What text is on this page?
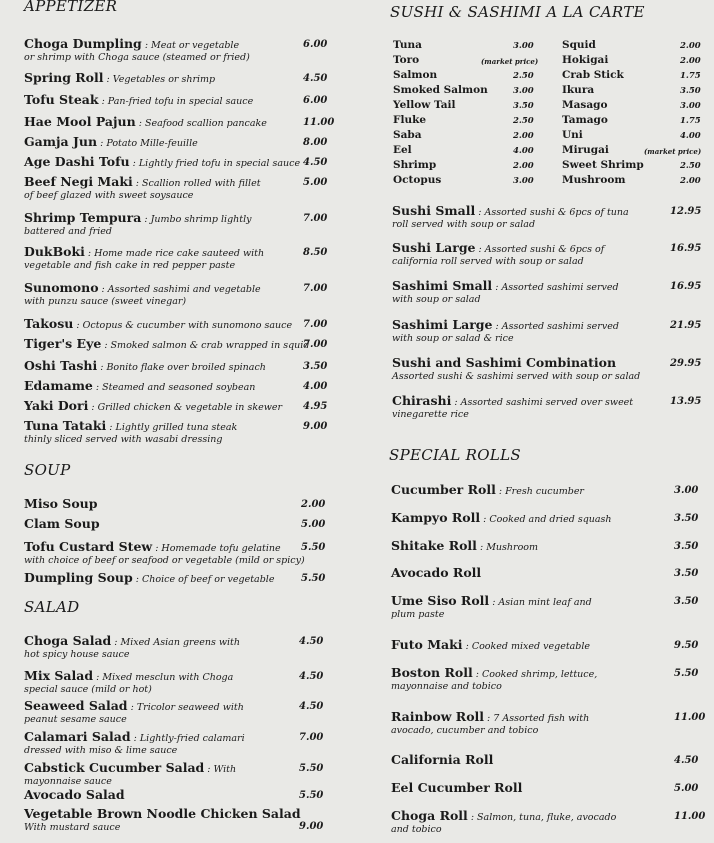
APPETIZER
Choga Dumpling : Meat or vegetable
or shrimp with Choga sauce (steamed or fried)
6.00
Spring Roll : Vegetables or shrimp	4.50
Tofu Steak : Pan-fried tofu in special sauce	6.00
Hae Mool Pajun : Seafood scallion pancake	11.00
Gamja Jun : Potato Mille-feuille	8.00
Age Dashi Tofu : Lightly fried tofu in special sauce 4.50
Beef Negi Maki : Scallion rolled with fillet
of beef glazed with sweet soysauce
5.00
Shrimp Tempura : Jumbo shrimp lightly
battered and fried
7.00
DukBoki : Home made rice cake sauteed with
vegetable and fish cake in red pepper paste
8.50
Sunomono : Assorted sashimi and vegetable
with punzu sauce (sweet vinegar)
7.00
Takosu : Octopus & cucumber with sunomono sauce 7.00
Tiger's Eye : Smoked salmon & crab wrapped in squid
7.00
Oshi Tashi : Bonito flake over broiled spinach	3.50
Edamame : Steamed and seasoned soybean	4.00
Yaki Dori : Grilled chicken & vegetable in skewer 4.95
Tuna Tataki : Lightly grilled tuna steak
thinly sliced served with wasabi dressing
9.00
SOUP
Miso Soup	2.00
Clam Soup	5.00
Tofu Custard Stew : Homemade tofu gelatine
with choice of beef or seafood or vegetable (mild or spicy)
5.50
Dumpling Soup : Choice of beef or vegetable	5.50
SALAD
Choga Salad : Mixed Asian greens with
hot spicy house sauce
4.50
Mix Salad : Mixed mesclun with Choga
special sauce (mild or hot)
4.50
Seaweed Salad : Tricolor seaweed with
peanut sesame sauce
4.50
Calamari Salad : Lightly-fried calamari
dressed with miso & lime sauce
7.00
Cabstick Cucumber Salad : With
mayonnaise sauce
5.50
Avocado Salad	5.50
Vegetable Brown Noodle Chicken Salad
With mustard sauce	9.00
SUSHI & SASHIMI A LA CARTE
Tuna	3.00
Toro	(market price)
Salmon	2.50
Smoked Salmon	3.00
Yellow Tail	3.50
Fluke	2.50
Saba	2.00
Eel	4.00
Shrimp	2.00
Octopus	3.00
Squid	2.00
Hokigai	2.00
Crab Stick	1.75
Ikura	3.50
Masago	3.00
Tamago	1.75
Uni	4.00
Mirugai	(market price)
Sweet Shrimp	2.50
Mushroom	2.00
Sushi Small : Assorted sushi & 6pcs of tuna
roll served with soup or salad
12.95
Sushi Large : Assorted sushi & 6pcs of
california roll served with soup or salad
16.95
Sashimi Small : Assorted sashimi served
with soup or salad
16.95
Sashimi Large : Assorted sashimi served
with soup or salad & rice
21.95
Sushi and Sashimi Combination
Assorted sushi & sashimi served with soup or salad
29.95
Chirashi : Assorted sashimi served over sweet
vinegarette rice
13.95
SPECIAL ROLLS
Cucumber Roll : Fresh cucumber	3.00
Kampyo Roll : Cooked and dried squash	3.50
Shitake Roll : Mushroom	3.50
Avocado Roll	3.50
Ume Siso Roll : Asian mint leaf and
plum paste
3.50
Futo Maki : Cooked mixed vegetable	9.50
Boston Roll : Cooked shrimp, lettuce,
mayonnaise and tobico
5.50
Rainbow Roll : 7 Assorted fish with
avocado, cucumber and tobico
11.00
California Roll	4.50
Eel Cucumber Roll	5.00
Choga Roll : Salmon, tuna, fluke, avocado
and tobico
11.00
